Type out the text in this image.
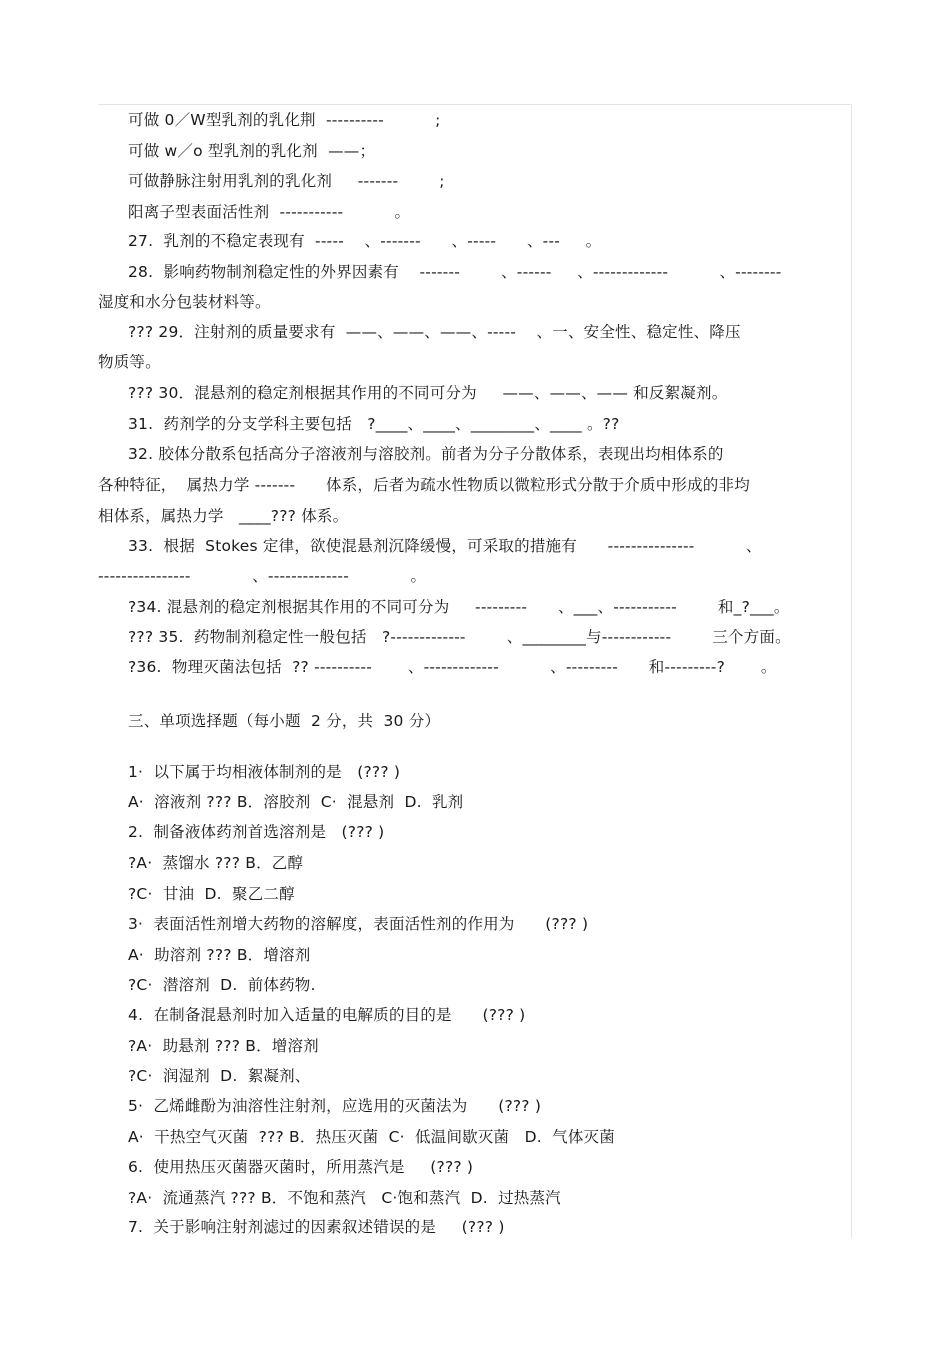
可做 0／W型乳剂的乳化荆  ----------          ;
可做 w／o 型乳剂的乳化剂  ——；
可做静脉注射用乳剂的乳化剂     -------        ;
阳离子型表面活性剂  -----------          。
27.  乳剂的不稳定表现有  -----    、-------      、-----      、---     。
28.  影响药物制剂稳定性的外界因素有    -------        、------     、-------------          、--------
湿度和水分包装材料等。
??? 29．注射剂的质量要求有  ——、——、——、-----    、一、安全性、稳定性、降压
物质等。
??? 30．混悬剂的稳定剂根据其作用的不同可分为     ——、——、—— 和反絮凝剂。
31.  药剂学的分支学科主要包括   ?____、____、________、____ 。??
32. 胶体分散系包括高分子溶液剂与溶胶剂。前者为分子分散体系，表现出均相体系的
各种特征，  属热力学 -------      体系，后者为疏水性物质以微粒形式分散于介质中形成的非均
相体系，属热力学   ____??? 体系。
33.  根据  Stokes 定律，欲使混悬剂沉降缓慢，可采取的措施有      ---------------          、
----------------            、--------------            。
?34. 混悬剂的稳定剂根据其作用的不同可分为     ---------      、___、-----------        和_?___。
??? 35.  药物制剂稳定性一般包括   ?-------------        、________与------------        三个方面。
?36.  物理灭菌法包括  ?? ----------       、-------------          、---------      和---------?       。
三、单项选择题（每小题  2 分，共  30 分）
1·  以下属于均相液体制剂的是   (??? )
A·  溶液剂 ??? B．溶胶剂  C·  混悬剂  D.  乳剂
2.  制备液体药剂首选溶剂是   (??? )
?A·  蒸馏水 ??? B．乙醇
?C·  甘油  D.  聚乙二醇
3·  表面活性剂增大药物的溶解度，表面活性剂的作用为      (??? )
A·  助溶剂 ??? B．增溶剂
?C·  潜溶剂  D.  前体药物.
4.  在制备混悬剂时加入适量的电解质的目的是      (??? )
?A·  助悬剂 ??? B．增溶剂
?C·  润湿剂  D.  絮凝剂、
5·  乙烯雌酚为油溶性注射剂，应选用的灭菌法为      (??? )
A·  干热空气灭菌  ??? B．热压灭菌  C·  低温间歇灭菌   D.  气体灭菌
6.  使用热压灭菌器灭菌时，所用蒸汽是     (??? )
?A·  流通蒸汽 ??? B．不饱和蒸汽   C·饱和蒸汽  D.  过热蒸汽
7.  关于影响注射剂滤过的因素叙述错误的是     (??? )
